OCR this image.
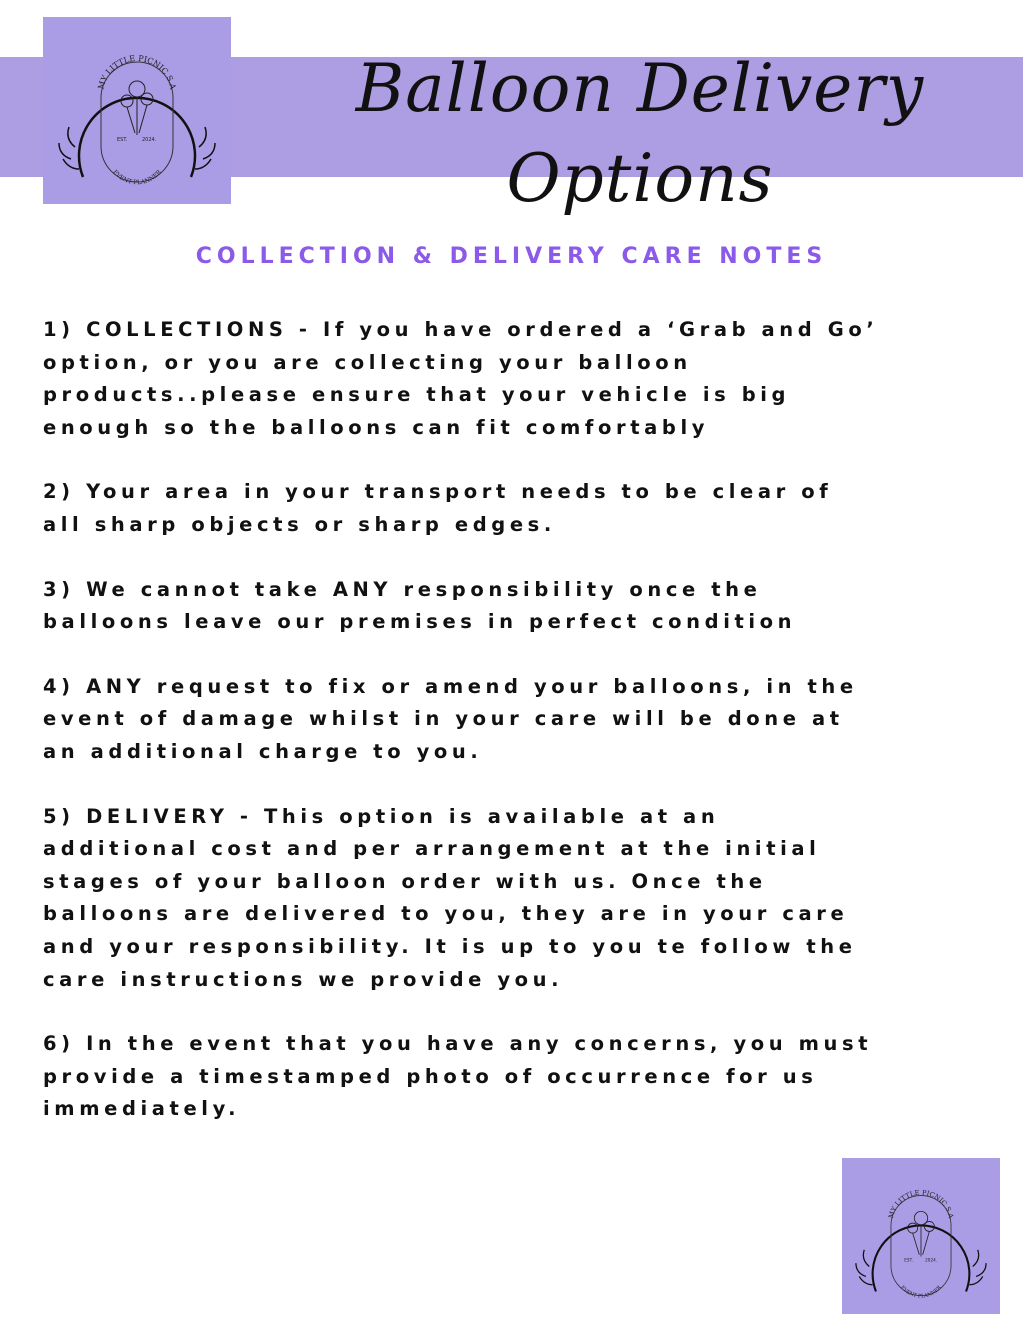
MY LITTLE PICNIC S.A
EVENT PLANNER
EST.	2024.
Balloon Delivery
Options
COLLECTION & DELIVERY CARE NOTES

1) COLLECTIONS - If you have ordered a ‘Grab and Go’
option, or you are collecting your balloon
products..please ensure that your vehicle is big
enough so the balloons can fit comfortably

2) Your area in your transport needs to be clear of
all sharp objects or sharp edges.

3) We cannot take ANY responsibility once the
balloons leave our premises in perfect condition

4) ANY request to fix or amend your balloons, in the
event of damage whilst in your care will be done at
an additional charge to you.

5) DELIVERY - This option is available at an
additional cost and per arrangement at the initial
stages of your balloon order with us. Once the
balloons are delivered to you, they are in your care
and your responsibility. It is up to you te follow the
care instructions we provide you.

6) In the event that you have any concerns, you must
provide a timestamped photo of occurrence for us
immediately.

MY LITTLE PICNIC S.A
EVENT PLANNER
EST. 2024.
